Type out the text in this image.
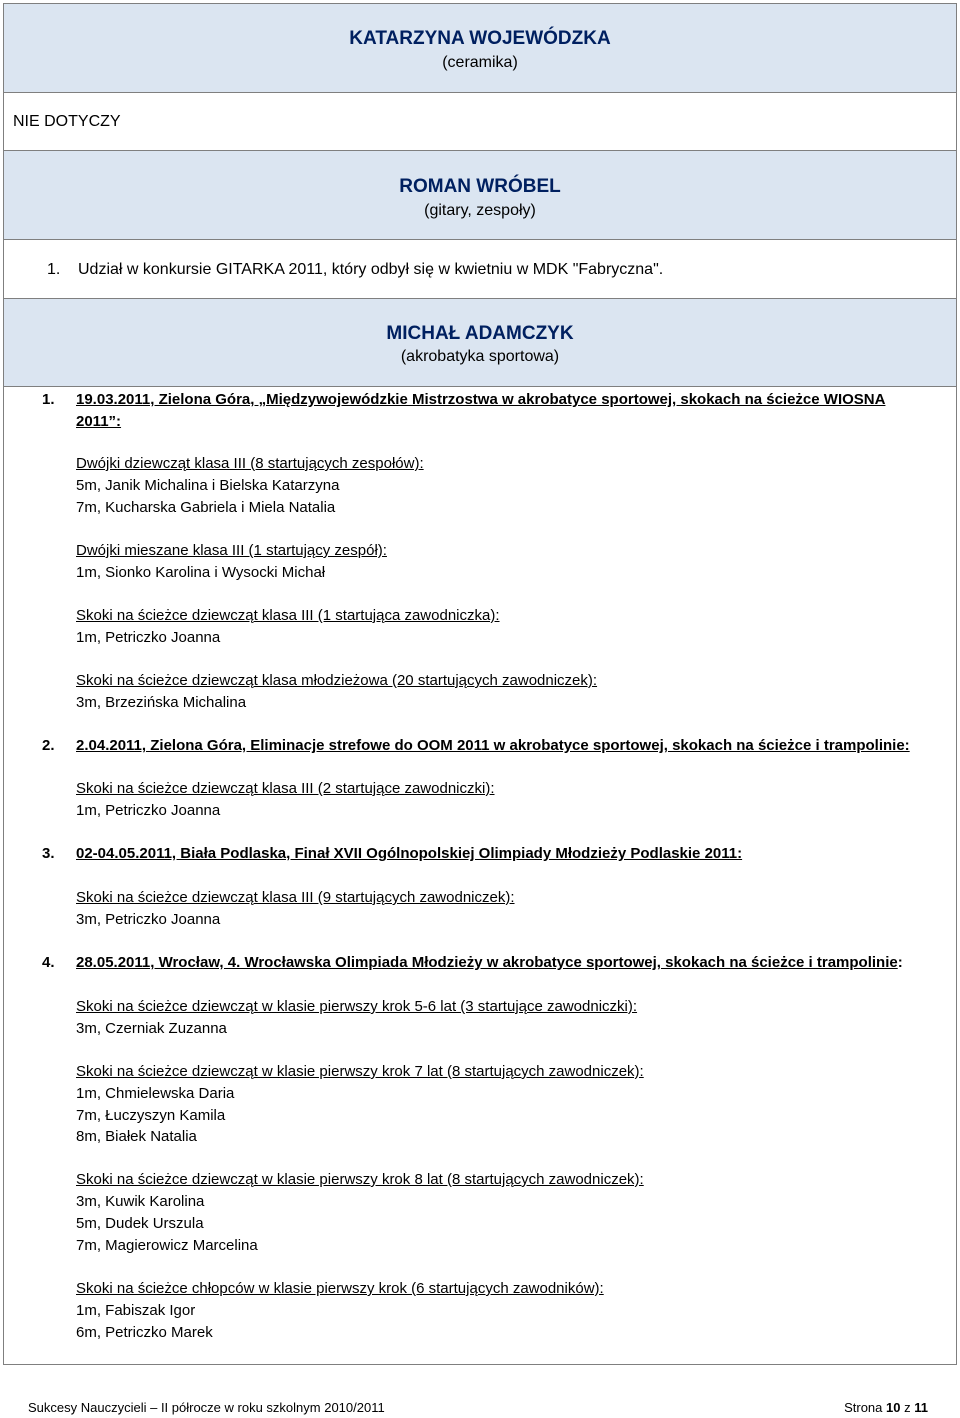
KATARZYNA WOJEWÓDZKA
(ceramika)
NIE DOTYCZY
ROMAN WRÓBEL
(gitary, zespoły)
1. Udział w konkursie GITARKA 2011, który odbył się w kwietniu w MDK "Fabryczna".
MICHAŁ ADAMCZYK
(akrobatyka sportowa)
1. 19.03.2011, Zielona Góra, „Międzywojewódzkie Mistrzostwa w akrobatyce sportowej, skokach na ścieżce WIOSNA
2011”:
Dwójki dziewcząt klasa III (8 startujących zespołów):
5m, Janik Michalina i Bielska Katarzyna
7m, Kucharska Gabriela i Miela Natalia
Dwójki mieszane klasa III (1 startujący zespół):
1m, Sionko Karolina i Wysocki Michał
Skoki na ścieżce dziewcząt klasa III (1 startująca zawodniczka):
1m, Petriczko Joanna
Skoki na ścieżce dziewcząt klasa młodzieżowa (20 startujących zawodniczek):
3m, Brzezińska Michalina
2. 2.04.2011, Zielona Góra, Eliminacje strefowe do OOM 2011 w akrobatyce sportowej, skokach na ścieżce i trampolinie:
Skoki na ścieżce dziewcząt klasa III (2 startujące zawodniczki):
1m, Petriczko Joanna
3. 02-04.05.2011, Biała Podlaska, Finał XVII Ogólnopolskiej Olimpiady Młodzieży Podlaskie 2011:
Skoki na ścieżce dziewcząt klasa III (9 startujących zawodniczek):
3m, Petriczko Joanna
4. 28.05.2011, Wrocław, 4. Wrocławska Olimpiada Młodzieży w akrobatyce sportowej, skokach na ścieżce i trampolinie:
Skoki na ścieżce dziewcząt w klasie pierwszy krok 5-6 lat (3 startujące zawodniczki):
3m, Czerniak Zuzanna
Skoki na ścieżce dziewcząt w klasie pierwszy krok 7 lat (8 startujących zawodniczek):
1m, Chmielewska Daria
7m, Łuczyszyn Kamila
8m, Białek Natalia
Skoki na ścieżce dziewcząt w klasie pierwszy krok 8 lat (8 startujących zawodniczek):
3m, Kuwik Karolina
5m, Dudek Urszula
7m, Magierowicz Marcelina
Skoki na ścieżce chłopców w klasie pierwszy krok (6 startujących zawodników):
1m, Fabiszak Igor
6m, Petriczko Marek
Sukcesy Nauczycieli – II półrocze w roku szkolnym 2010/2011	Strona 10 z 11
